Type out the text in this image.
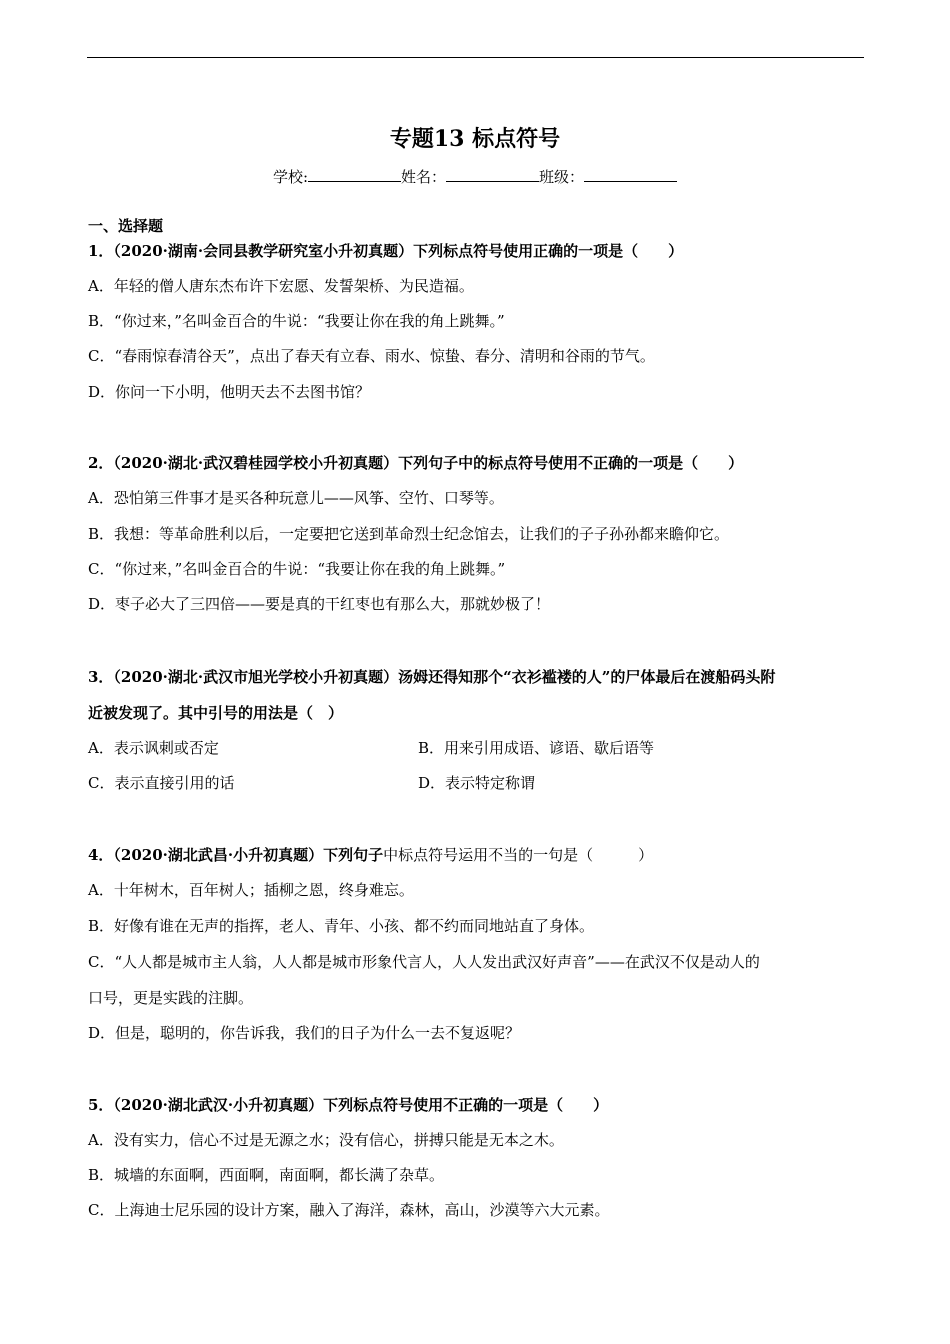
专题13 标点符号
学校:	姓名：	班级：
一、选择题
1．（2020·湖南·会同县教学研究室小升初真题）下列标点符号使用正确的一项是（　　）
A．年轻的僧人唐东杰布许下宏愿、发誓架桥、为民造福。
B．“你过来，”名叫金百合的牛说：“我要让你在我的角上跳舞。”
C．“春雨惊春清谷天”，点出了春天有立春、雨水、惊蛰、春分、清明和谷雨的节气。
D．你问一下小明，他明天去不去图书馆？
2．（2020·湖北·武汉碧桂园学校小升初真题）下列句子中的标点符号使用不正确的一项是（　　）
A．恐怕第三件事才是买各种玩意儿——风筝、空竹、口琴等。
B．我想：等革命胜利以后，一定要把它送到革命烈士纪念馆去，让我们的子子孙孙都来瞻仰它。
C．“你过来，”名叫金百合的牛说：“我要让你在我的角上跳舞。”
D．枣子必大了三四倍——要是真的干红枣也有那么大，那就妙极了！
3．（2020·湖北·武汉市旭光学校小升初真题）汤姆还得知那个“衣衫褴褛的人”的尸体最后在渡船码头附
近被发现了。其中引号的用法是（　）
A．表示讽刺或否定	B．用来引用成语、谚语、歇后语等
C．表示直接引用的话	D．表示特定称谓
4．（2020·湖北武昌·小升初真题）下列句子中标点符号运用不当的一句是（　　　）
A．十年树木，百年树人；插柳之恩，终身难忘。
B．好像有谁在无声的指挥，老人、青年、小孩、都不约而同地站直了身体。
C．“人人都是城市主人翁，人人都是城市形象代言人，人人发出武汉好声音”——在武汉不仅是动人的
口号，更是实践的注脚。
D．但是，聪明的，你告诉我，我们的日子为什么一去不复返呢？
5．（2020·湖北武汉·小升初真题）下列标点符号使用不正确的一项是（　　）
A．没有实力，信心不过是无源之水；没有信心，拼搏只能是无本之木。
B．城墙的东面啊，西面啊，南面啊，都长满了杂草。
C．上海迪士尼乐园的设计方案，融入了海洋，森林，高山，沙漠等六大元素。
